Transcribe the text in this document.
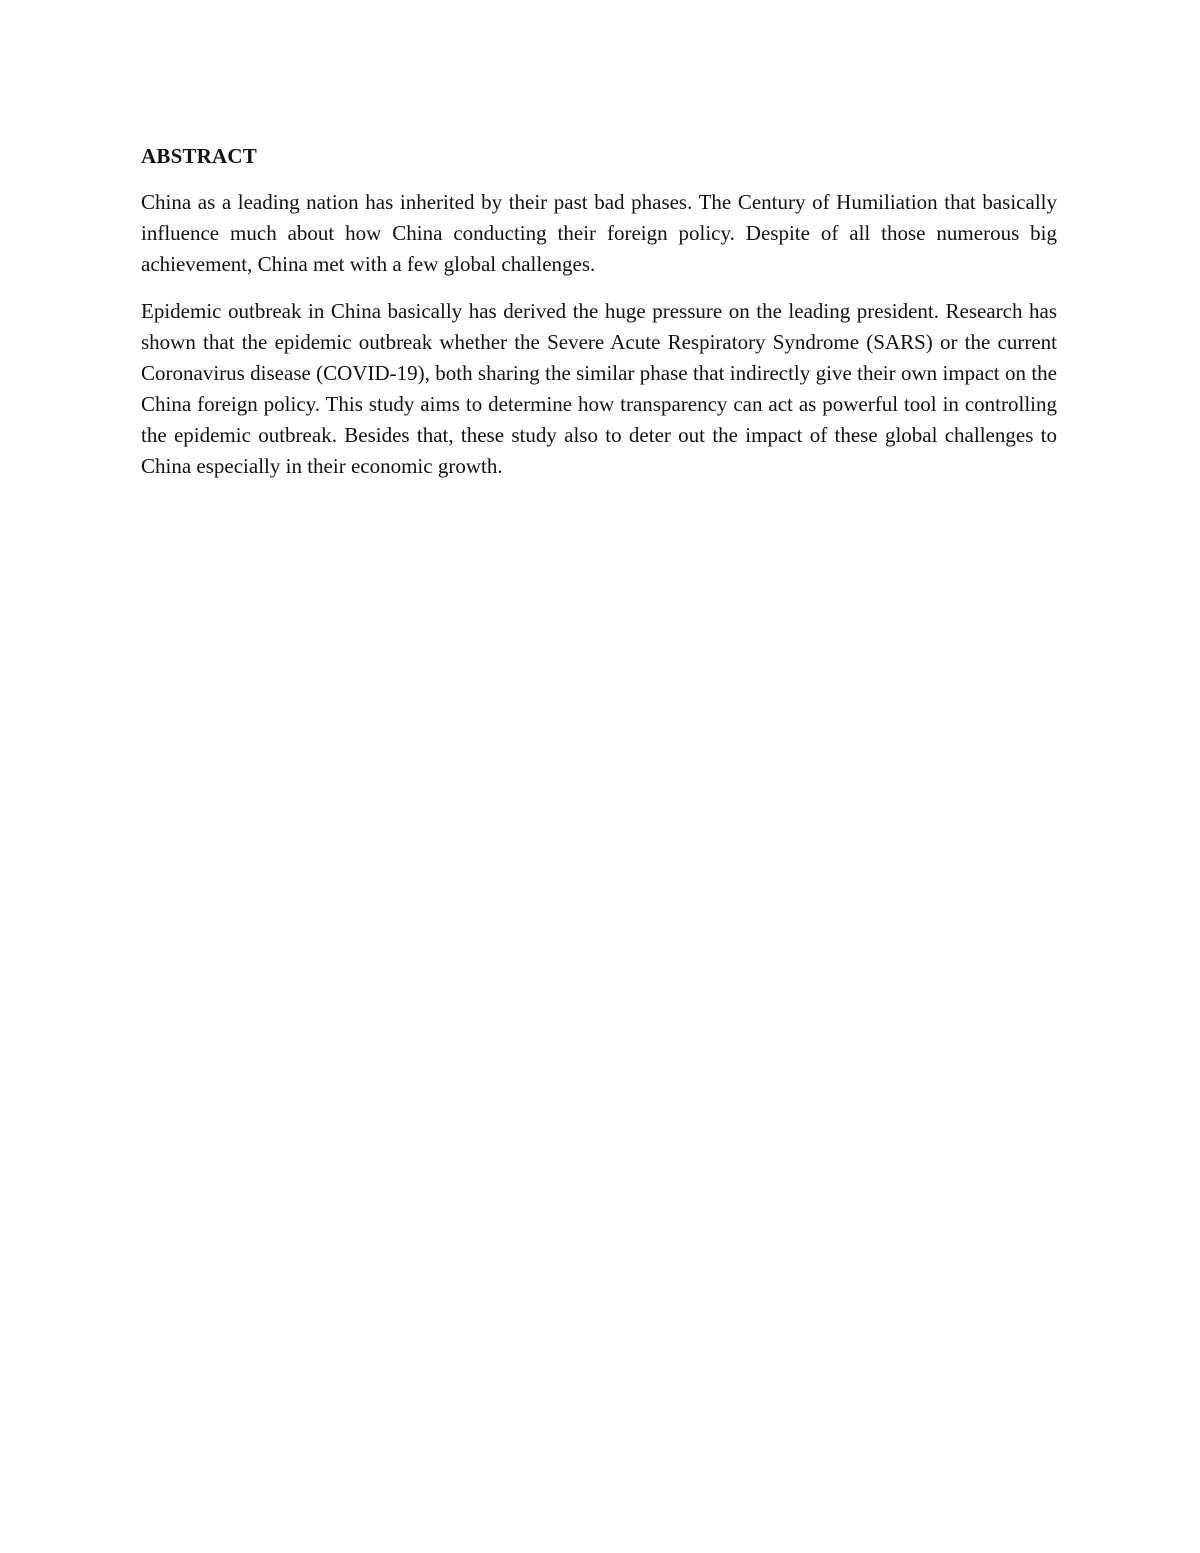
ABSTRACT

China as a leading nation has inherited by their past bad phases. The Century of Humiliation that basically influence much about how China conducting their foreign policy. Despite of all those numerous big achievement, China met with a few global challenges.

Epidemic outbreak in China basically has derived the huge pressure on the leading president. Research has shown that the epidemic outbreak whether the Severe Acute Respiratory Syndrome (SARS) or the current Coronavirus disease (COVID-19), both sharing the similar phase that indirectly give their own impact on the China foreign policy. This study aims to determine how transparency can act as powerful tool in controlling the epidemic outbreak. Besides that, these study also to deter out the impact of these global challenges to China especially in their economic growth.
